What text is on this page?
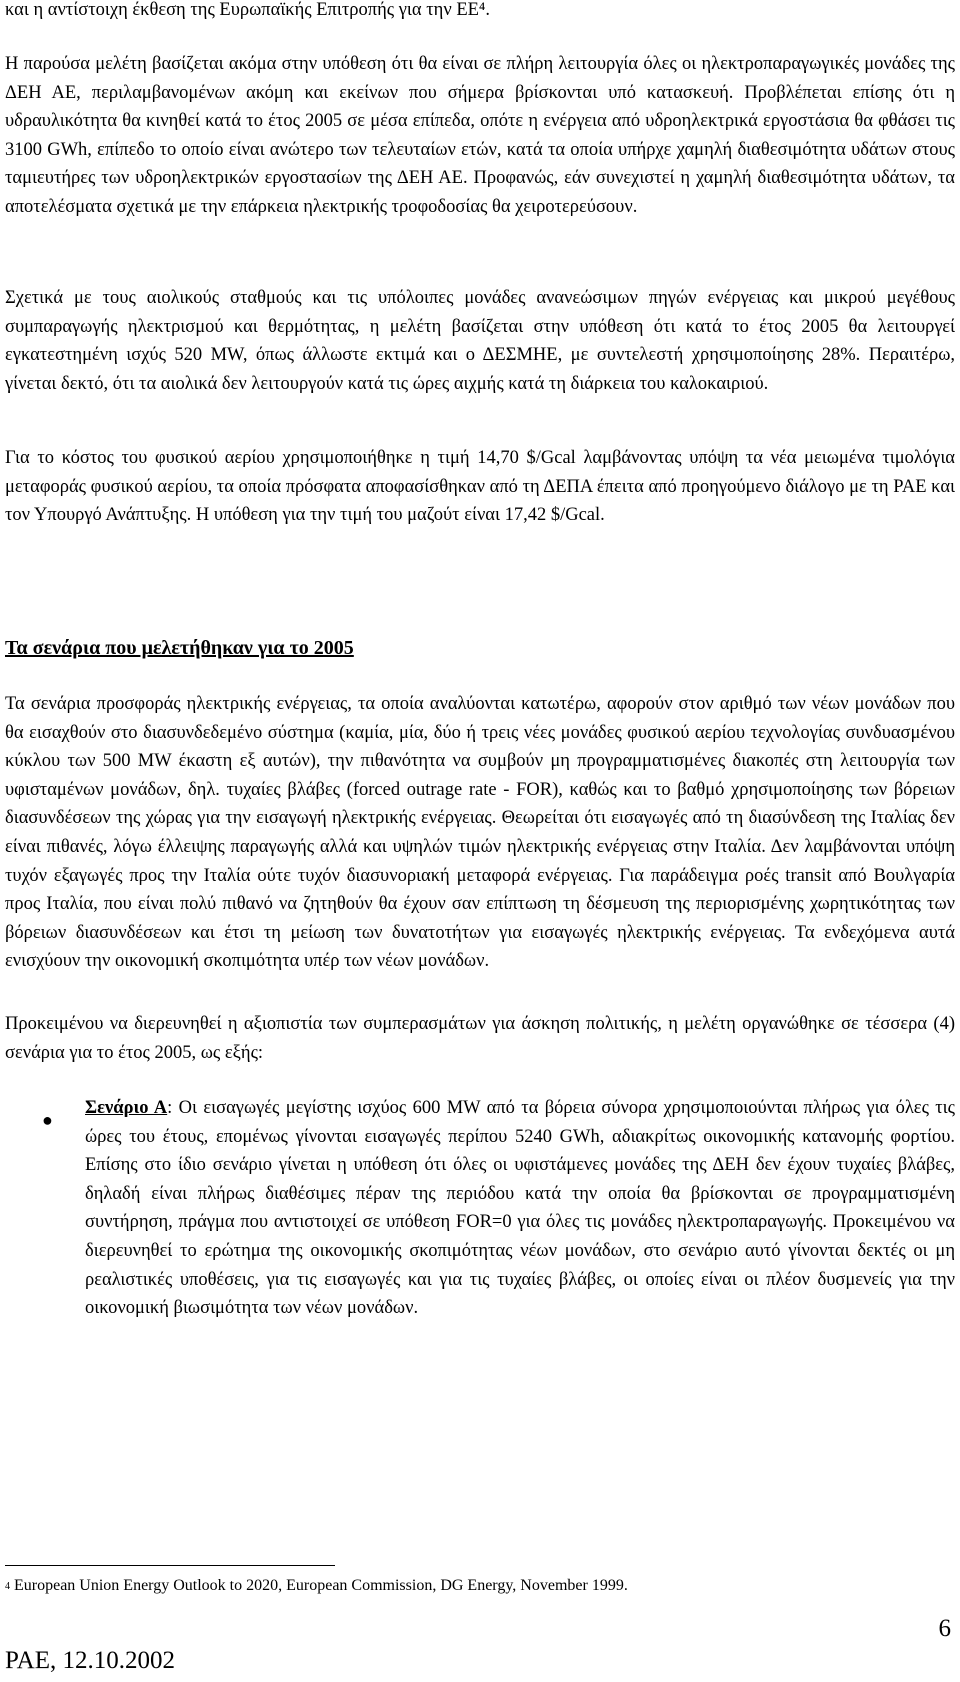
και η αντίστοιχη έκθεση της Ευρωπαϊκής Επιτροπής για την ΕΕ⁴.

Η παρούσα μελέτη βασίζεται ακόμα στην υπόθεση ότι θα είναι σε πλήρη λειτουργία όλες οι ηλεκτροπαραγωγικές μονάδες της ΔΕΗ ΑΕ, περιλαμβανομένων ακόμη και εκείνων που σήμερα βρίσκονται υπό κατασκευή. Προβλέπεται επίσης ότι η υδραυλικότητα θα κινηθεί κατά το έτος 2005 σε μέσα επίπεδα, οπότε η ενέργεια από υδροηλεκτρικά εργοστάσια θα φθάσει τις 3100 GWh, επίπεδο το οποίο είναι ανώτερο των τελευταίων ετών, κατά τα οποία υπήρχε χαμηλή διαθεσιμότητα υδάτων στους ταμιευτήρες των υδροηλεκτρικών εργοστασίων της ΔΕΗ ΑΕ. Προφανώς, εάν συνεχιστεί η χαμηλή διαθεσιμότητα υδάτων, τα αποτελέσματα σχετικά με την επάρκεια ηλεκτρικής τροφοδοσίας θα χειροτερεύσουν.

Σχετικά με τους αιολικούς σταθμούς και τις υπόλοιπες μονάδες ανανεώσιμων πηγών ενέργειας και μικρού μεγέθους συμπαραγωγής ηλεκτρισμού και θερμότητας, η μελέτη βασίζεται στην υπόθεση ότι κατά το έτος 2005 θα λειτουργεί εγκατεστημένη ισχύς 520 MW, όπως άλλωστε εκτιμά και ο ΔΕΣΜΗΕ, με συντελεστή χρησιμοποίησης 28%. Περαιτέρω, γίνεται δεκτό, ότι τα αιολικά δεν λειτουργούν κατά τις ώρες αιχμής κατά τη διάρκεια του καλοκαιριού.

Για το κόστος του φυσικού αερίου χρησιμοποιήθηκε η τιμή 14,70 $/Gcal λαμβάνοντας υπόψη τα νέα μειωμένα τιμολόγια μεταφοράς φυσικού αερίου, τα οποία πρόσφατα αποφασίσθηκαν από τη ΔΕΠΑ έπειτα από προηγούμενο διάλογο με τη ΡΑΕ και τον Υπουργό Ανάπτυξης. Η υπόθεση για την τιμή του μαζούτ είναι 17,42 $/Gcal.

Τα σενάρια που μελετήθηκαν για το 2005

Τα σενάρια προσφοράς ηλεκτρικής ενέργειας, τα οποία αναλύονται κατωτέρω, αφορούν στον αριθμό των νέων μονάδων που θα εισαχθούν στο διασυνδεδεμένο σύστημα (καμία, μία, δύο ή τρεις νέες μονάδες φυσικού αερίου τεχνολογίας συνδυασμένου κύκλου των 500 MW έκαστη εξ αυτών), την πιθανότητα να συμβούν μη προγραμματισμένες διακοπές στη λειτουργία των υφισταμένων μονάδων, δηλ. τυχαίες βλάβες (forced outrage rate - FOR), καθώς και το βαθμό χρησιμοποίησης των βόρειων διασυνδέσεων της χώρας για την εισαγωγή ηλεκτρικής ενέργειας. Θεωρείται ότι εισαγωγές από τη διασύνδεση της Ιταλίας δεν είναι πιθανές, λόγω έλλειψης παραγωγής αλλά και υψηλών τιμών ηλεκτρικής ενέργειας στην Ιταλία. Δεν λαμβάνονται υπόψη τυχόν εξαγωγές προς την Ιταλία ούτε τυχόν διασυνοριακή μεταφορά ενέργειας. Για παράδειγμα ροές transit από Βουλγαρία προς Ιταλία, που είναι πολύ πιθανό να ζητηθούν θα έχουν σαν επίπτωση τη δέσμευση της περιορισμένης χωρητικότητας των βόρειων διασυνδέσεων και έτσι τη μείωση των δυνατοτήτων για εισαγωγές ηλεκτρικής ενέργειας. Τα ενδεχόμενα αυτά ενισχύουν την οικονομική σκοπιμότητα υπέρ των νέων μονάδων.

Προκειμένου να διερευνηθεί η αξιοπιστία των συμπερασμάτων για άσκηση πολιτικής, η μελέτη οργανώθηκε σε τέσσερα (4) σενάρια για το έτος 2005, ως εξής:

●

Σενάριο Α: Οι εισαγωγές μεγίστης ισχύος 600 MW από τα βόρεια σύνορα χρησιμοποιούνται πλήρως για όλες τις ώρες του έτους, επομένως γίνονται εισαγωγές περίπου 5240 GWh, αδιακρίτως οικονομικής κατανομής φορτίου. Επίσης στο ίδιο σενάριο γίνεται η υπόθεση ότι όλες οι υφιστάμενες μονάδες της ΔΕΗ δεν έχουν τυχαίες βλάβες, δηλαδή είναι πλήρως διαθέσιμες πέραν της περιόδου κατά την οποία θα βρίσκονται σε προγραμματισμένη συντήρηση, πράγμα που αντιστοιχεί σε υπόθεση FOR=0 για όλες τις μονάδες ηλεκτροπαραγωγής. Προκειμένου να διερευνηθεί το ερώτημα της οικονομικής σκοπιμότητας νέων μονάδων, στο σενάριο αυτό γίνονται δεκτές οι μη ρεαλιστικές υποθέσεις, για τις εισαγωγές και για τις τυχαίες βλάβες, οι οποίες είναι οι πλέον δυσμενείς για την οικονομική βιωσιμότητα των νέων μονάδων.

$^4$ European Union Energy Outlook to 2020, European Commission, DG Energy, November 1999.

ΡΑΕ, 12.10.2002
6
